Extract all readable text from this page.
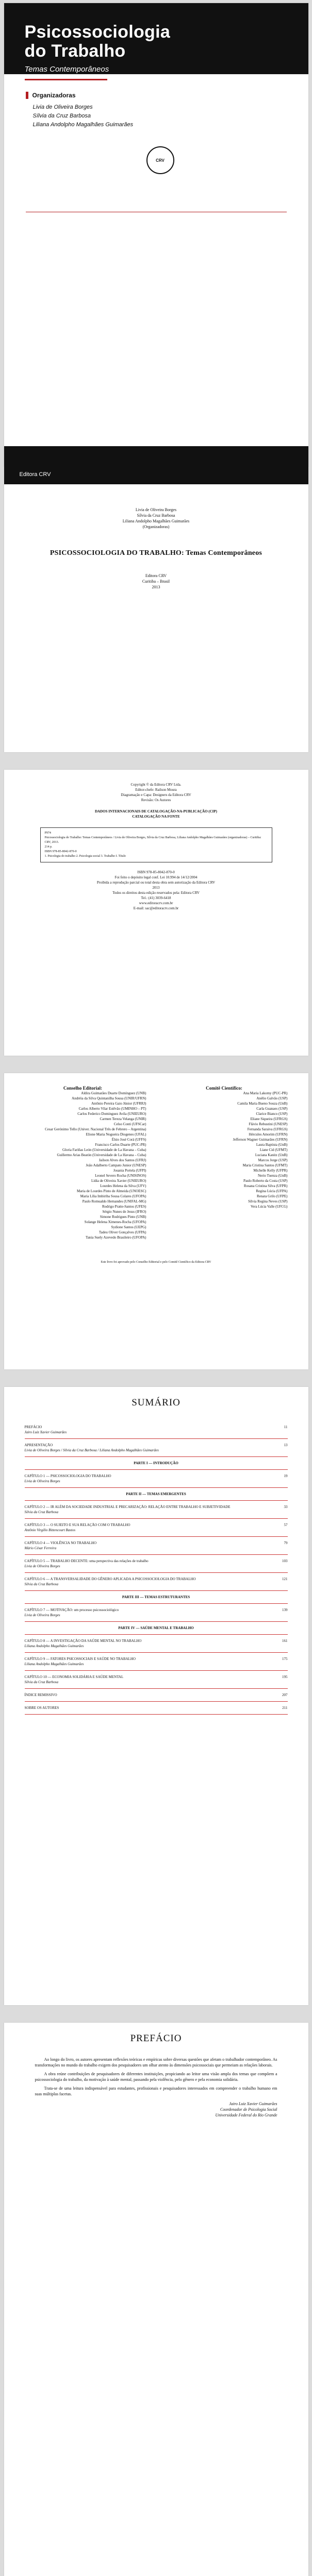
Psicossociologia
do Trabalho
Temas Contemporâneos
Organizadoras
Livia de Oliveira Borges
Sílvia da Cruz Barbosa
Liliana Andolpho Magalhães Guimarães
CRV
Editora CRV
Livia de Oliveira Borges
Sílvia da Cruz Barbosa
Liliana Andolpho Magalhães Guimarães
(Organizadoras)
PSICOSSOCIOLOGIA DO TRABALHO: Temas Contemporâneos
Editora CRV
Curitiba – Brasil
2013
Copyright © da Editora CRV Ltda.
Editor-chefe: Railson Moura
Diagramação e Capa: Designers da Editora CRV
Revisão: Os Autores
DADOS INTERNACIONAIS DE CATALOGAÇÃO-NA-PUBLICAÇÃO (CIP)
CATALOGAÇÃO NA FONTE
P974
Psicossociologia do Trabalho: Temas Contemporâneos / Livia de Oliveira Borges, Sílvia da Cruz Barbosa, Liliana Andolpho Magalhães Guimarães (organizadoras) – Curitiba: CRV, 2013.
214 p.
ISBN 978-85-8042-870-0
1. Psicologia do trabalho 2. Psicologia social 3. Trabalho I. Título
ISBN 978-85-8042-870-0
Foi feito o depósito legal conf. Lei 10.994 de 14/12/2004
Proibida a reprodução parcial ou total desta obra sem autorização da Editora CRV
2013
Todos os direitos desta edição reservados pela: Editora CRV
Tel.: (41) 3039-6418
www.editoracrv.com.br
E-mail: sac@editoracrv.com.br
Conselho Editorial:
Aldira Guimarães Duarte Domínguez (UNB)
Andréia da Silva Quintanilha Sousa (UNIR/UFRN)
Antônio Pereira Gaio Júnior (UFRRJ)
Carlos Alberto Vilar Estêvão (UMINHO – PT)
Carlos Federico Dominguez Avila (UNIEURO)
Carmen Tereza Velanga (UNIR)
Celso Conti (UFSCar)
Cesar Gerónimo Tello (Univer. Nacional Três de Febrero – Argentina)
Elione Maria Nogueira Diogenes (UFAL)
Élsio José Corá (UFFS)
Francisco Carlos Duarte (PUC-PR)
Gloria Fariñas León (Universidade de La Havana – Cuba)
Guillermo Arias Beatón (Universidade de La Havana – Cuba)
Jailson Alves dos Santos (UFRJ)
João Adalberto Campato Junior (UNESP)
Josania Portela (UFPI)
Leonel Severo Rocha (UNISINOS)
Lídia de Oliveira Xavier (UNIEURO)
Lourdes Helena da Silva (UFV)
Maria de Lourdes Pinto de Almeida (UNOESC)
Maria Lília Imbiriba Sousa Colares (UFOPA)
Paulo Romualdo Hernandes (UNIFAL-MG)
Rodrigo Pratte-Santos (UFES)
Sérgio Nunes de Jesus (IFRO)
Simone Rodrigues Pinto (UNB)
Solange Helena Ximenes-Rocha (UFOPA)
Sydione Santos (UEPG)
Tadeu Oliver Gonçalves (UFPA)
Tania Suely Azevedo Brasileiro (UFOPA)
Comitê Científico:
Ana Maria Lakomy (PUC-PR)
Anélio Galvão (USP)
Camila Maria Bueno Souza (UnB)
Carla Guanaes (USP)
Clarice Bianco (USP)
Eliane Siqueira (UFRGS)
Flávio Rebustini (UNESP)
Fernanda Saraiva (UFRGS)
Hércules Amorim (UFRN)
Jefferson Wagner Guimarães (UFRN)
Laura Baptista (UnB)
Liane Cid (UFMT)
Luciana Kanitz (UnB)
Marcos Jorge (USP)
Maria Cristina Santos (UFMT)
Michelle Kelly (UFPR)
Nerio Tuenza (UnB)
Paulo Roberto da Costa (USP)
Rosana Cristina Silva (UFPR)
Regina Lúcia (UFPA)
Renata Grilo (UFPE)
Sílvia Regina Neves (USP)
Vera Lúcia Valle (UFCG)
Este livro foi aprovado pelo Conselho Editorial e pelo Comitê Científico da Editora CRV
SUMÁRIO
PREFÁCIO
Jairo Luiz Xavier Guimarães
11
APRESENTAÇÃO
Livia de Oliveira Borges / Sílvia da Cruz Barbosa / Liliana Andolpho Magalhães Guimarães
13
PARTE I — INTRODUÇÃO
CAPÍTULO 1 — PSICOSSOCIOLOGIA DO TRABALHO
Livia de Oliveira Borges
19
PARTE II — TEMAS EMERGENTES
CAPÍTULO 2 — IR ALÉM DA SOCIEDADE INDUSTRIAL E PRECARIZAÇÃO: RELAÇÃO ENTRE TRABALHO E SUBJETIVIDADE
Sílvia da Cruz Barbosa
33
CAPÍTULO 3 — O SUJEITO E SUA RELAÇÃO COM O TRABALHO
Antônio Virgílio Bittencourt Bastos
57
CAPÍTULO 4 — VIOLÊNCIA NO TRABALHO
Mário César Ferreira
79
CAPÍTULO 5 — TRABALHO DECENTE: uma perspectiva das relações de trabalho
Livia de Oliveira Borges
103
CAPÍTULO 6 — A TRANSVERSALIDADE DO GÊNERO APLICADA A PSICOSSOCIOLOGIA DO TRABALHO
Sílvia da Cruz Barbosa
121
PARTE III — TEMAS ESTRUTURANTES
CAPÍTULO 7 — MOTIVAÇÃO: um processo psicossociológico
Livia de Oliveira Borges
139
PARTE IV — SAÚDE MENTAL E TRABALHO
CAPÍTULO 8 — A INVESTIGAÇÃO DA SAÚDE MENTAL NO TRABALHO
Liliana Andolpho Magalhães Guimarães
161
CAPÍTULO 9 — FATORES PSICOSSOCIAIS E SAÚDE NO TRABALHO
Liliana Andolpho Magalhães Guimarães
175
CAPÍTULO 10 — ECONOMIA SOLIDÁRIA E SAÚDE MENTAL
Sílvia da Cruz Barbosa
195
ÍNDICE REMISSIVO	207
SOBRE OS AUTORES	211
PREFÁCIO

Ao longo do livro, os autores apresentam reflexões teóricas e empíricas sobre diversas questões que afetam o trabalhador contemporâneo. As transformações no mundo do trabalho exigem dos pesquisadores um olhar atento às dimensões psicossociais que permeiam as relações laborais.

A obra reúne contribuições de pesquisadores de diferentes instituições, propiciando ao leitor uma visão ampla dos temas que compõem a psicossociologia do trabalho, da motivação à saúde mental, passando pela violência, pelo gênero e pela economia solidária.

Trata-se de uma leitura indispensável para estudantes, profissionais e pesquisadores interessados em compreender o trabalho humano em suas múltiplas facetas.

Jairo Luiz Xavier Guimarães
Coordenador de Psicologia Social
Universidade Federal do Rio Grande
